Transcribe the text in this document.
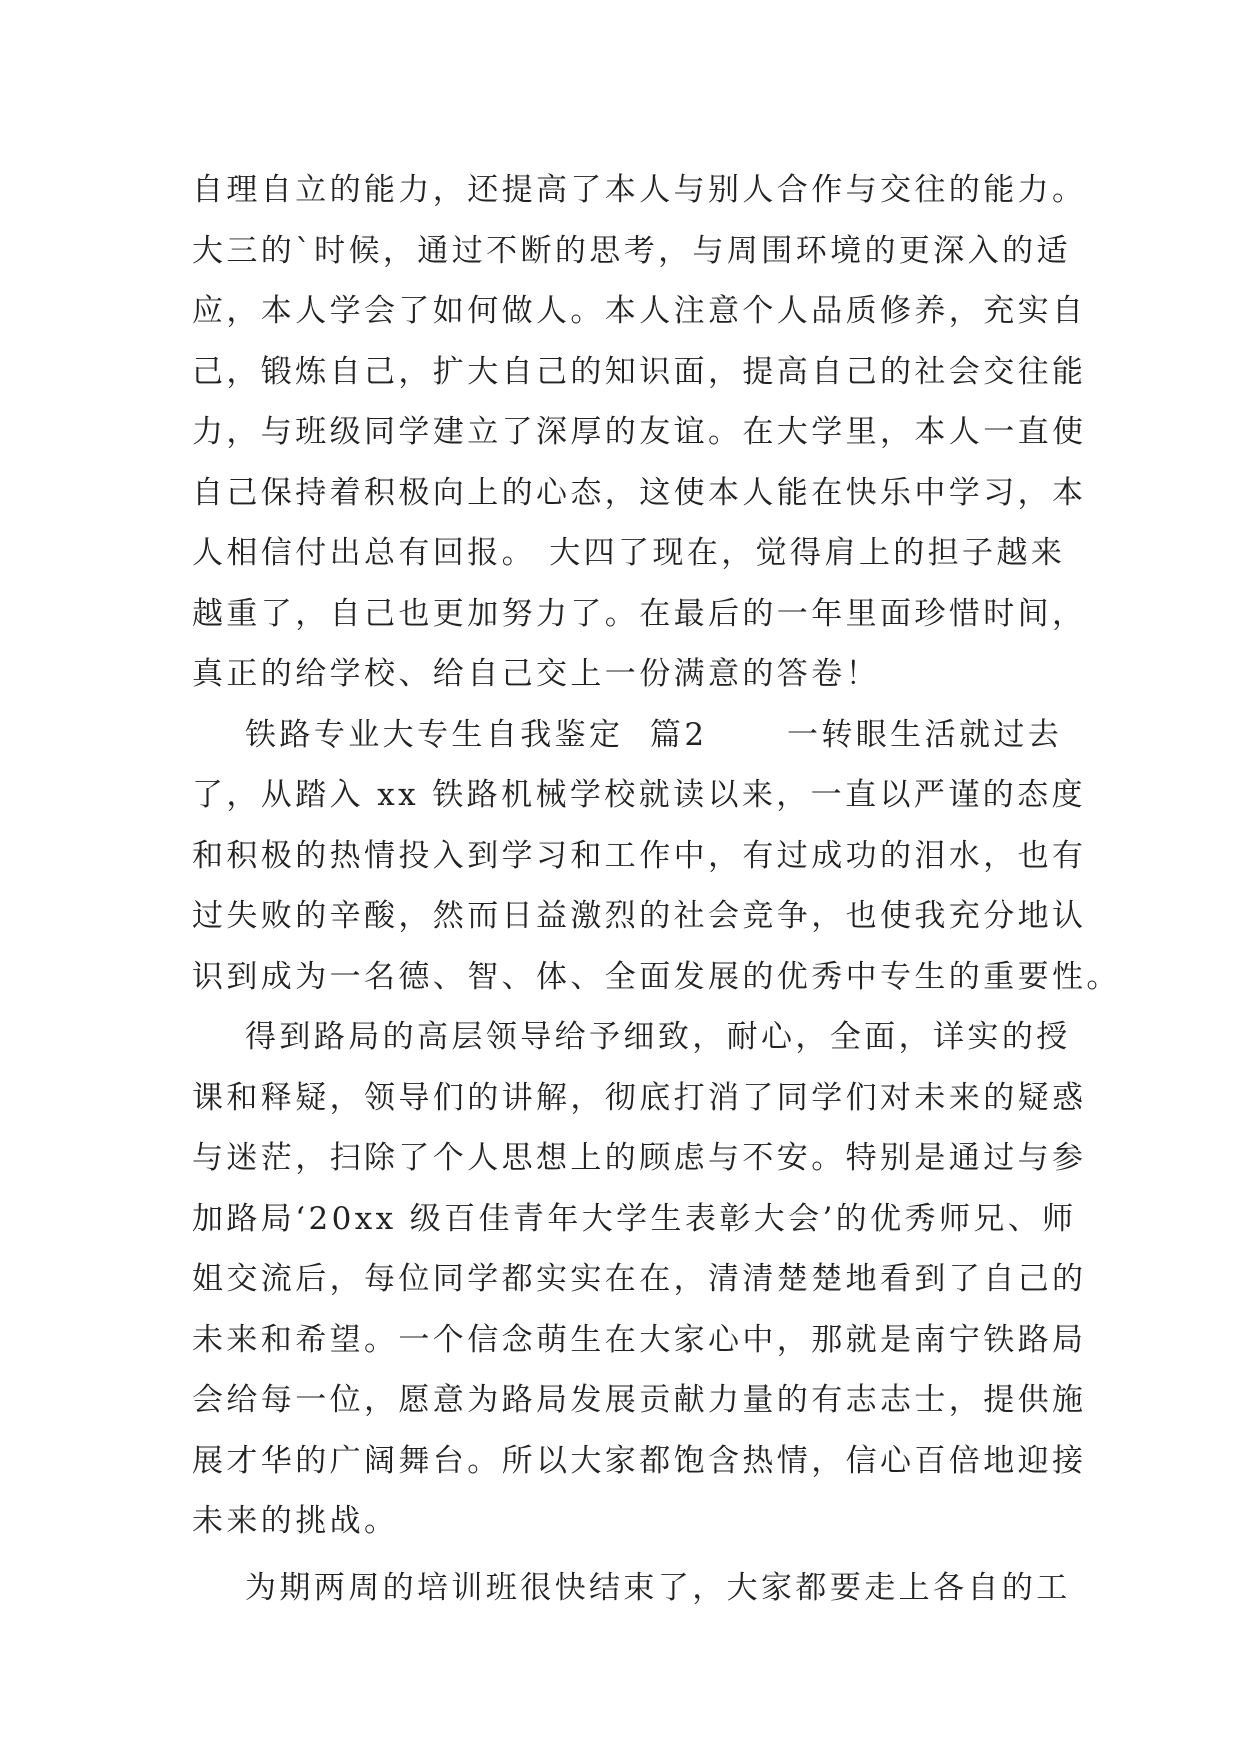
自理自立的能力，还提高了本人与别人合作与交往的能力。
大三的`时候，通过不断的思考，与周围环境的更深入的适
应，本人学会了如何做人。本人注意个人品质修养，充实自
己，锻炼自己，扩大自己的知识面，提高自己的社会交往能
力，与班级同学建立了深厚的友谊。在大学里，本人一直使
自己保持着积极向上的心态，这使本人能在快乐中学习，本
人相信付出总有回报。 大四了现在，觉得肩上的担子越来
越重了，自己也更加努力了。在最后的一年里面珍惜时间，
真正的给学校、给自己交上一份满意的答卷！
铁路专业大专生自我鉴定  篇2      一转眼生活就过去
了，从踏入 xx 铁路机械学校就读以来，一直以严谨的态度
和积极的热情投入到学习和工作中，有过成功的泪水，也有
过失败的辛酸，然而日益激烈的社会竞争，也使我充分地认
识到成为一名德、智、体、全面发展的优秀中专生的重要性。
得到路局的高层领导给予细致，耐心，全面，详实的授
课和释疑，领导们的讲解，彻底打消了同学们对未来的疑惑
与迷茫，扫除了个人思想上的顾虑与不安。特别是通过与参
加路局‘20xx 级百佳青年大学生表彰大会’的优秀师兄、师
姐交流后，每位同学都实实在在，清清楚楚地看到了自己的
未来和希望。一个信念萌生在大家心中，那就是南宁铁路局
会给每一位，愿意为路局发展贡献力量的有志志士，提供施
展才华的广阔舞台。所以大家都饱含热情，信心百倍地迎接
未来的挑战。
为期两周的培训班很快结束了，大家都要走上各自的工
